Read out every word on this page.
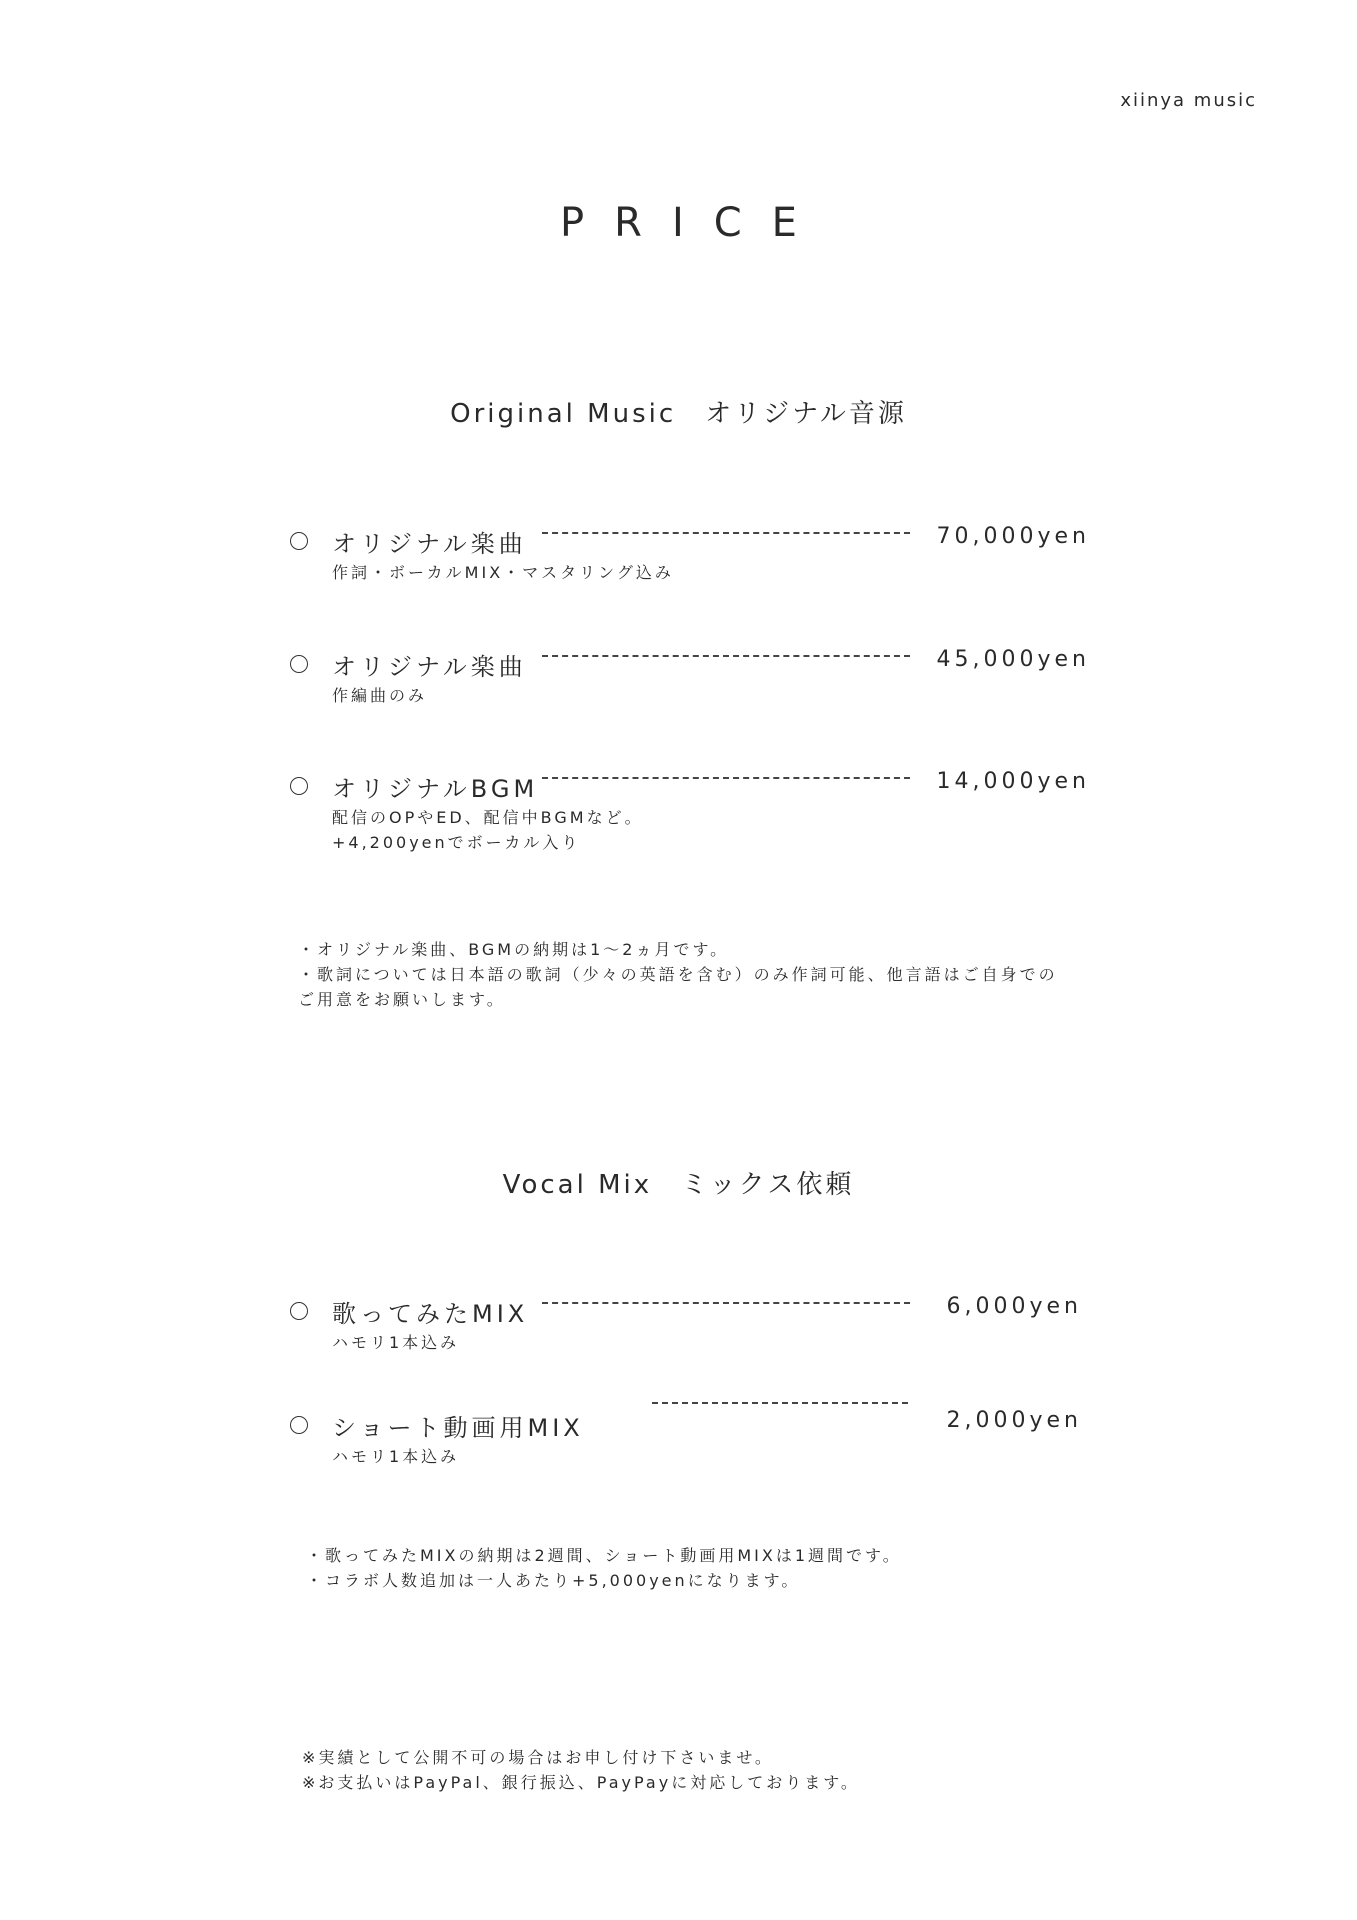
xiinya music
PRICE
Original Music　オリジナル音源
オリジナル楽曲	70,000yen
作詞・ボーカルMIX・マスタリング込み
オリジナル楽曲	45,000yen
作編曲のみ
オリジナルBGM	14,000yen
配信のOPやED、配信中BGMなど。
+4,200yenでボーカル入り
・オリジナル楽曲、BGMの納期は1〜2ヵ月です。
・歌詞については日本語の歌詞（少々の英語を含む）のみ作詞可能、他言語はご自身での
ご用意をお願いします。
Vocal Mix　ミックス依頼
歌ってみたMIX	6,000yen
ハモリ1本込み
ショート動画用MIX	2,000yen
ハモリ1本込み
・歌ってみたMIXの納期は2週間、ショート動画用MIXは1週間です。
・コラボ人数追加は一人あたり+5,000yenになります。
※実績として公開不可の場合はお申し付け下さいませ。
※お支払いはPayPal、銀行振込、PayPayに対応しております。
